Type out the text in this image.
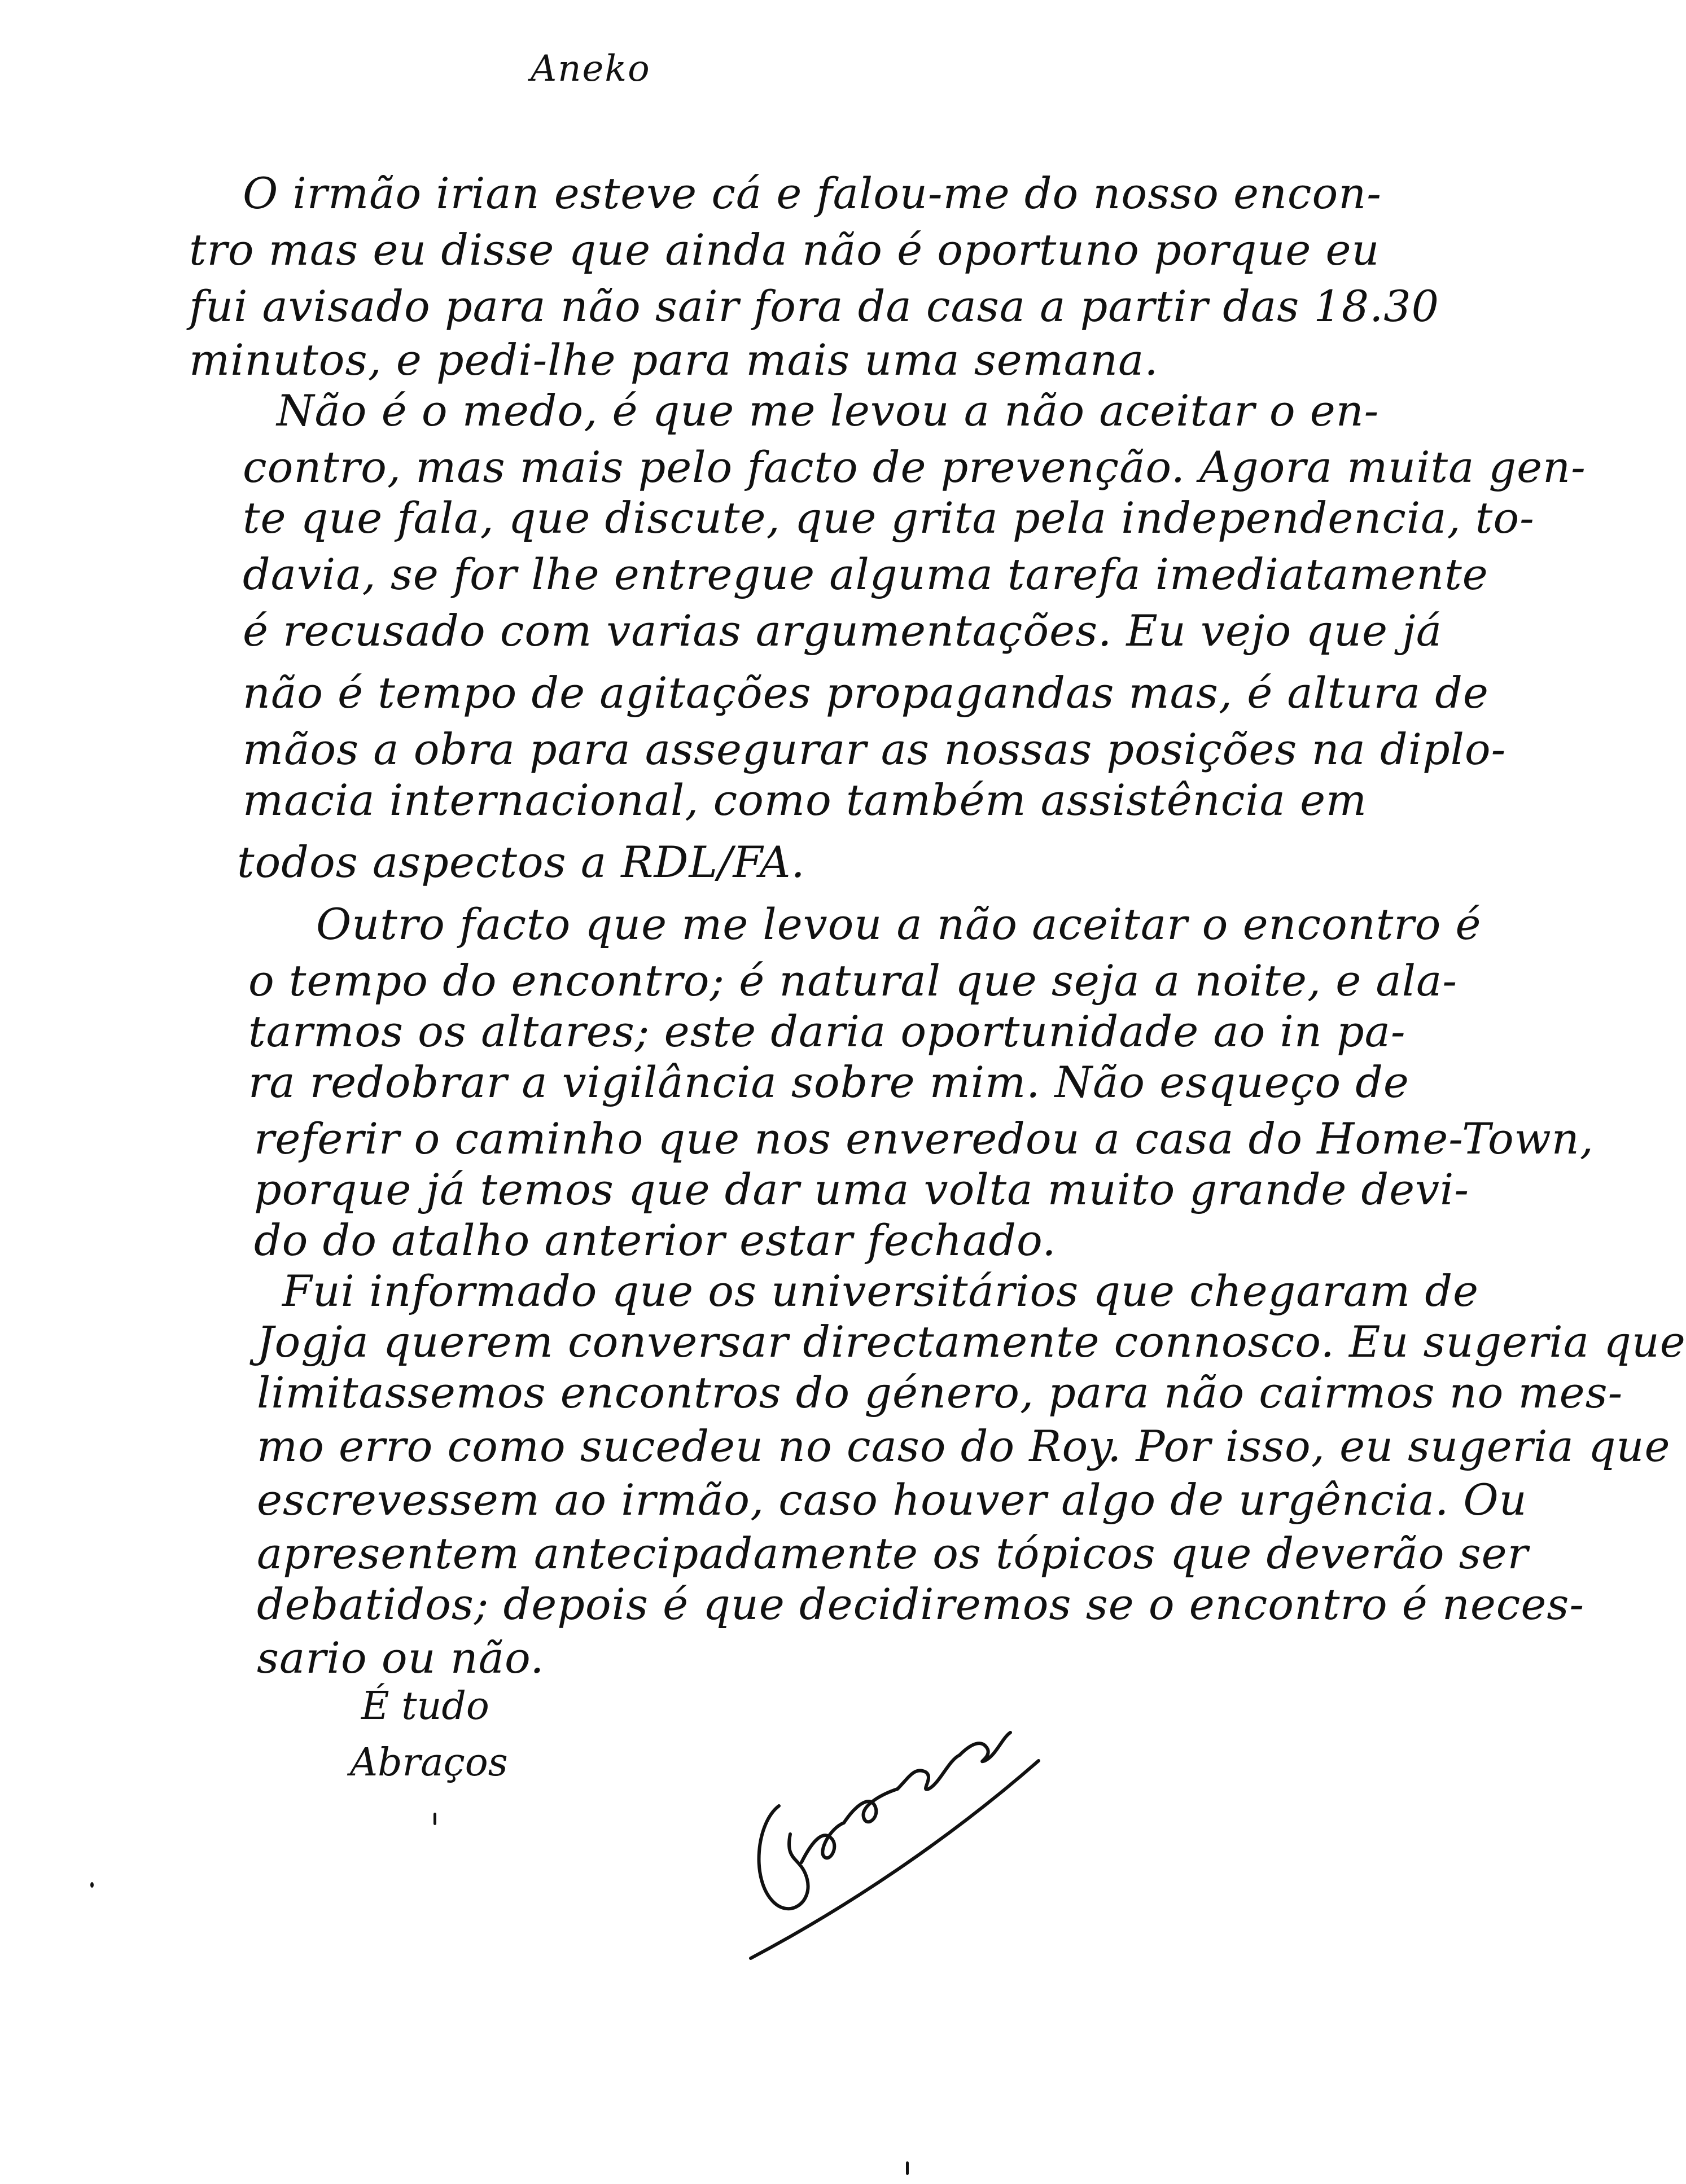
Aneko
O irmão irian esteve cá e falou-me do nosso encon-
tro mas eu disse que ainda não é oportuno porque eu
fui avisado para não sair fora da casa a partir das 18.30
minutos, e pedi-lhe para mais uma semana.
Não é o medo, é que me levou a não aceitar o en-
contro, mas mais pelo facto de prevenção. Agora muita gen-
te que fala, que discute, que grita pela independencia, to-
davia, se for lhe entregue alguma tarefa imediatamente
é recusado com varias argumentações. Eu vejo que já
não é tempo de agitações propagandas mas, é altura de
mãos a obra para assegurar as nossas posições na diplo-
macia internacional, como também assistência em
todos aspectos a RDL/FA.
Outro facto que me levou a não aceitar o encontro é
o tempo do encontro; é natural que seja a noite, e ala-
tarmos os altares; este daria oportunidade ao in pa-
ra redobrar a vigilância sobre mim. Não esqueço de
referir o caminho que nos enveredou a casa do Home-Town,
porque já temos que dar uma volta muito grande devi-
do do atalho anterior estar fechado.
Fui informado que os universitários que chegaram de
Jogja querem conversar directamente connosco. Eu sugeria que
limitassemos encontros do género, para não cairmos no mes-
mo erro como sucedeu no caso do Roy. Por isso, eu sugeria que
escrevessem ao irmão, caso houver algo de urgência. Ou
apresentem antecipadamente os tópicos que deverão ser
debatidos; depois é que decidiremos se o encontro é neces-
sario ou não.
É tudo
Abraços
